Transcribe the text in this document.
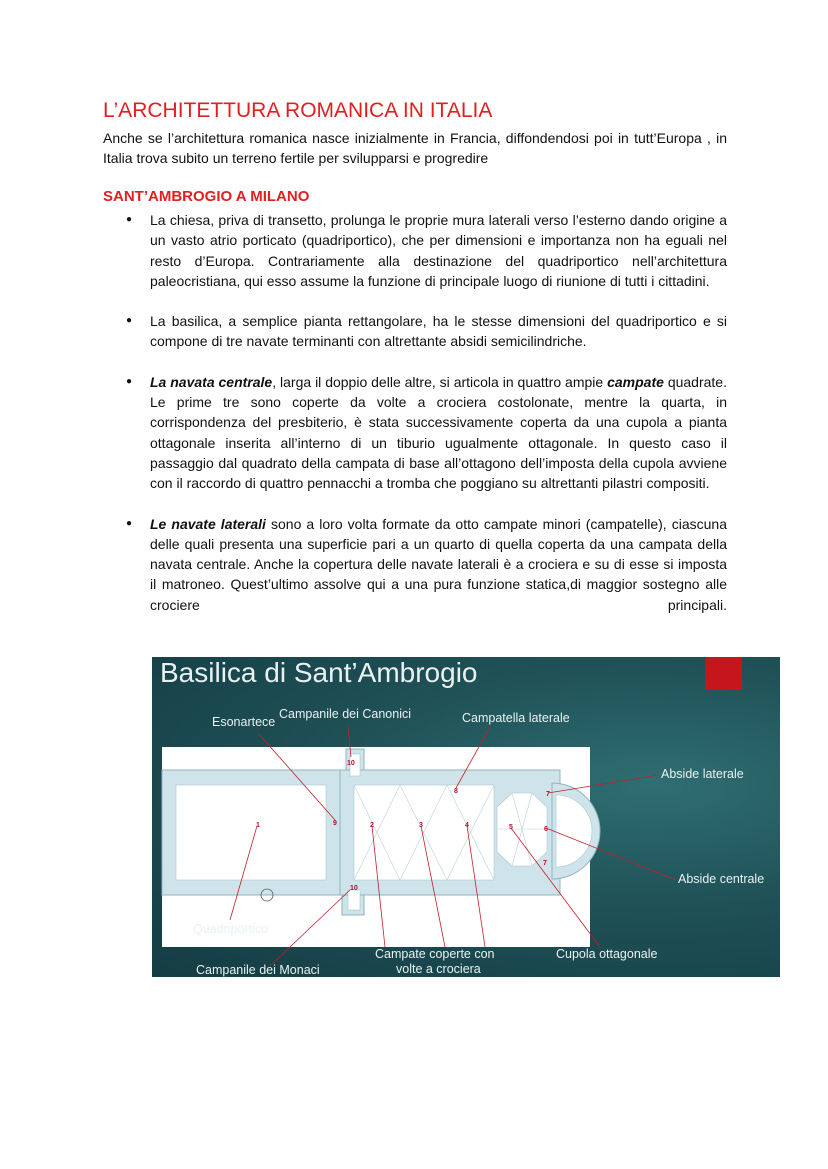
L’ARCHITETTURA ROMANICA IN ITALIA

Anche se l’architettura romanica nasce inizialmente in Francia, diffondendosi poi in tutt’Europa , in Italia trova subito un terreno fertile per svilupparsi e progredire

SANT’AMBROGIO A MILANO
● La chiesa, priva di transetto, prolunga le proprie mura laterali verso l’esterno dando origine a un vasto atrio porticato (quadriportico), che per dimensioni e importanza non ha eguali nel resto d’Europa. Contrariamente alla destinazione del quadriportico nell’architettura paleocristiana, qui esso assume la funzione di principale luogo di riunione di tutti i cittadini.
● La basilica, a semplice pianta rettangolare, ha le stesse dimensioni del quadriportico e si compone di tre navate terminanti con altrettante absidi semicilindriche.
● La navata centrale, larga il doppio delle altre, si articola in quattro ampie campate quadrate. Le prime tre sono coperte da volte a crociera costolonate, mentre la quarta, in corrispondenza del presbiterio, è stata successivamente coperta da una cupola a pianta ottagonale inserita all’interno di un tiburio ugualmente ottagonale. In questo caso il passaggio dal quadrato della campata di base all’ottagono dell’imposta della cupola avviene con il raccordo di quattro pennacchi a tromba che poggiano su altrettanti pilastri compositi.
● Le navate laterali sono a loro volta formate da otto campate minori (campatelle), ciascuna delle quali presenta una superficie pari a un quarto di quella coperta da una campata della navata centrale. Anche la copertura delle navate laterali è a crociera e su di esse si imposta il matroneo. Quest’ultimo assolve qui a una pura funzione statica,di maggior sostegno alle crociere principali.
Basilica di Sant’Ambrogio
10
1	9	2	3	4	5	6
7
7
8
10
Esonartece
Campanile dei Canonici	Campatella laterale
Abside laterale
Abside centrale
Quadriportico
Campanile dei Monaci
Campate coperte con
volte a crociera
Cupola ottagonale
